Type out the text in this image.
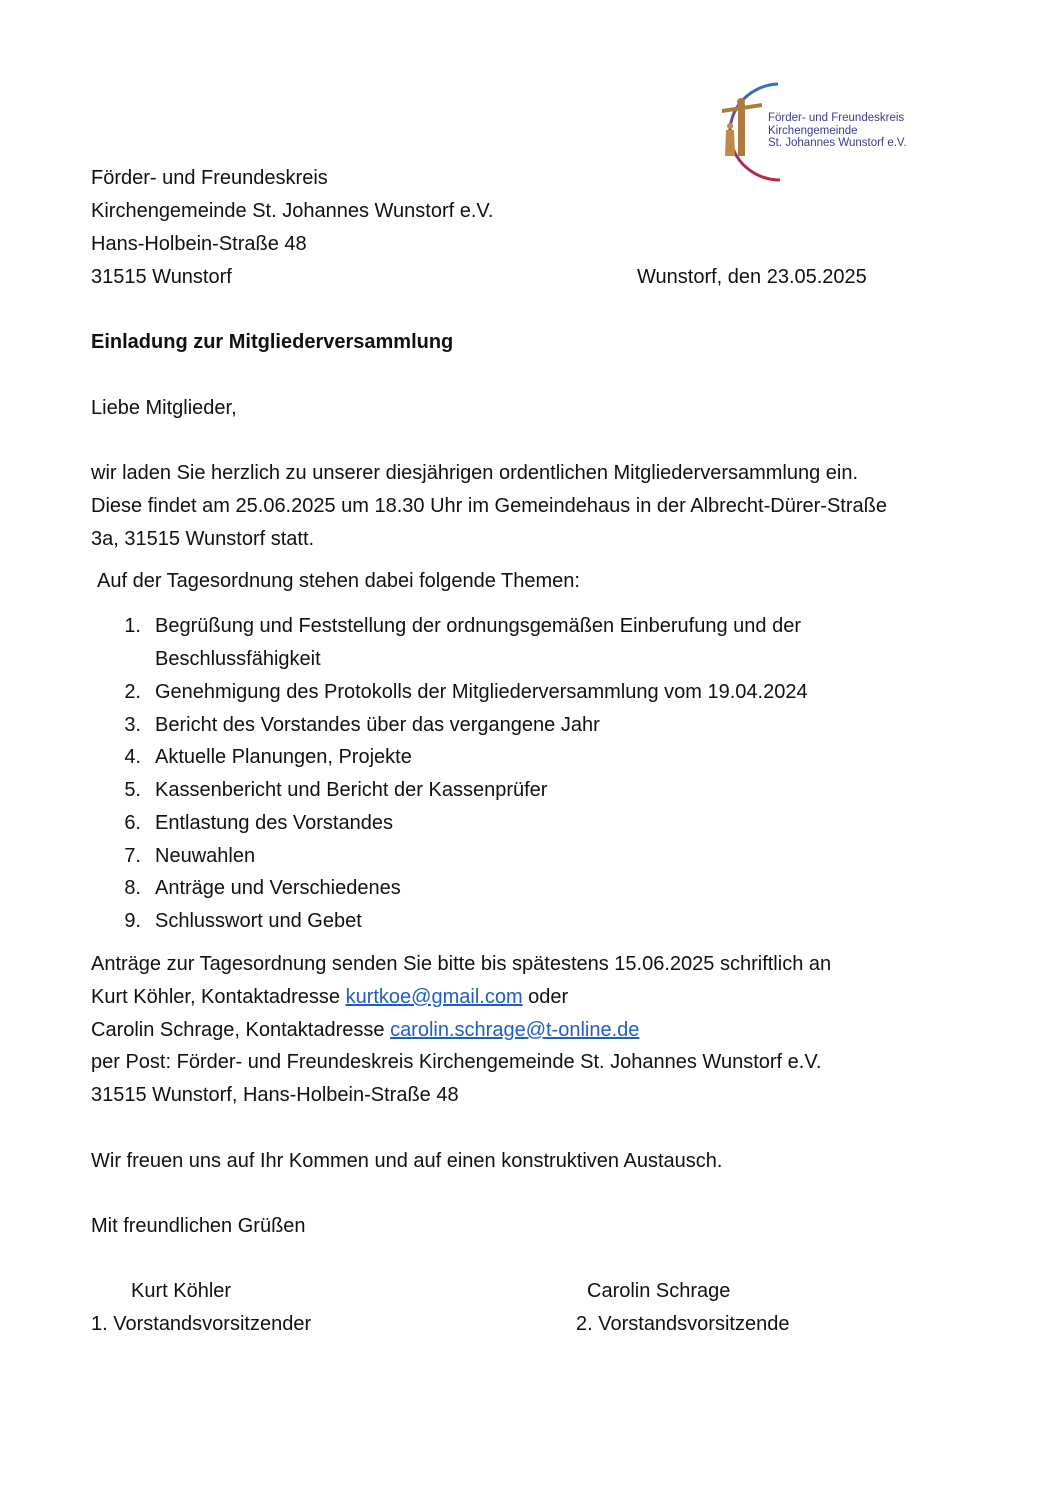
Förder- und Freundeskreis
Kirchengemeinde
St. Johannes Wunstorf e.V.
Förder- und Freundeskreis
Kirchengemeinde St. Johannes Wunstorf e.V.
Hans-Holbein-Straße 48
31515 Wunstorf	Wunstorf, den 23.05.2025
Einladung zur Mitgliederversammlung
Liebe Mitglieder,
wir laden Sie herzlich zu unserer diesjährigen ordentlichen Mitgliederversammlung ein.
Diese findet am 25.06.2025 um 18.30 Uhr im Gemeindehaus in der Albrecht-Dürer-Straße
3a, 31515 Wunstorf statt.
Auf der Tagesordnung stehen dabei folgende Themen:
1. Begrüßung und Feststellung der ordnungsgemäßen Einberufung und der
Beschlussfähigkeit
2. Genehmigung des Protokolls der Mitgliederversammlung vom 19.04.2024
3. Bericht des Vorstandes über das vergangene Jahr
4. Aktuelle Planungen, Projekte
5. Kassenbericht und Bericht der Kassenprüfer
6. Entlastung des Vorstandes
7. Neuwahlen
8. Anträge und Verschiedenes
9. Schlusswort und Gebet
Anträge zur Tagesordnung senden Sie bitte bis spätestens 15.06.2025 schriftlich an
Kurt Köhler, Kontaktadresse kurtkoe@gmail.com oder
Carolin Schrage, Kontaktadresse carolin.schrage@t-online.de
per Post: Förder- und Freundeskreis Kirchengemeinde St. Johannes Wunstorf e.V.
31515 Wunstorf, Hans-Holbein-Straße 48
Wir freuen uns auf Ihr Kommen und auf einen konstruktiven Austausch.
Mit freundlichen Grüßen
Kurt Köhler
1. Vorstandsvorsitzender
Carolin Schrage
2. Vorstandsvorsitzende
